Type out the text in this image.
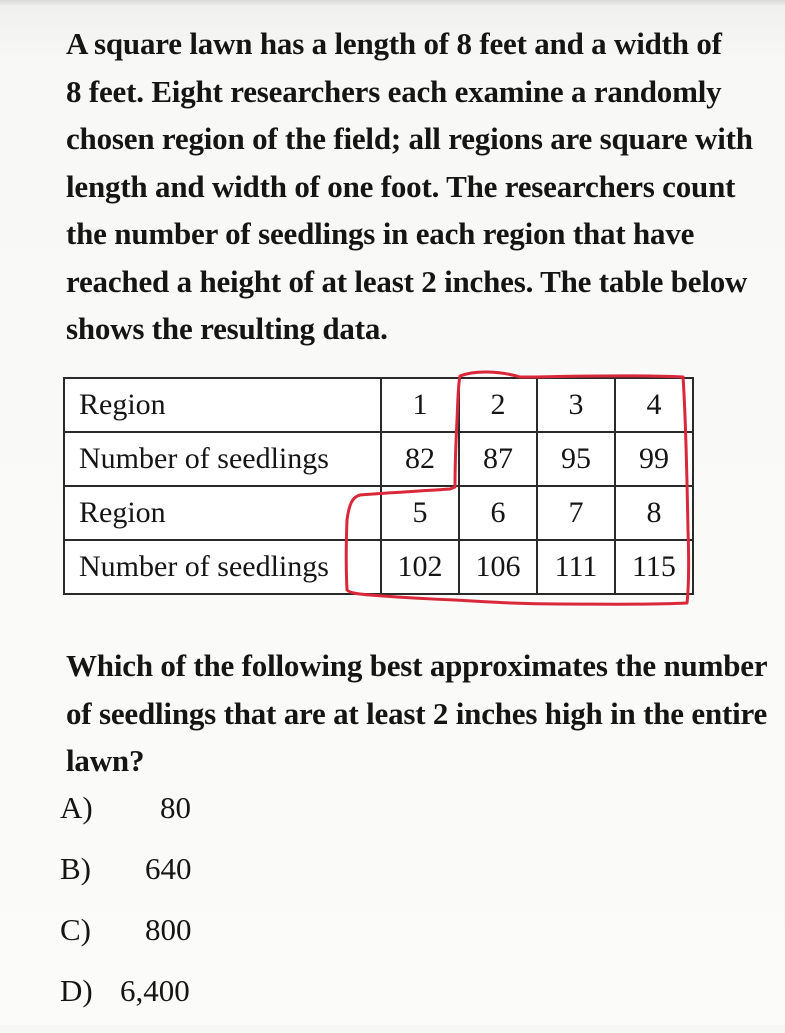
A square lawn has a length of 8 feet and a width of
8 feet. Eight researchers each examine a randomly
chosen region of the field; all regions are square with
length and width of one foot. The researchers count
the number of seedlings in each region that have
reached a height of at least 2 inches. The table below
shows the resulting data.
Region	1	2	3	4
Number of seedlings	82	87	95	99
Region	5	6	7	8
Number of seedlings	102	106	111	115
Which of the following best approximates the number
of seedlings that are at least 2 inches high in the entire
lawn?
A) 80
B) 640
C) 800
D) 6,400
